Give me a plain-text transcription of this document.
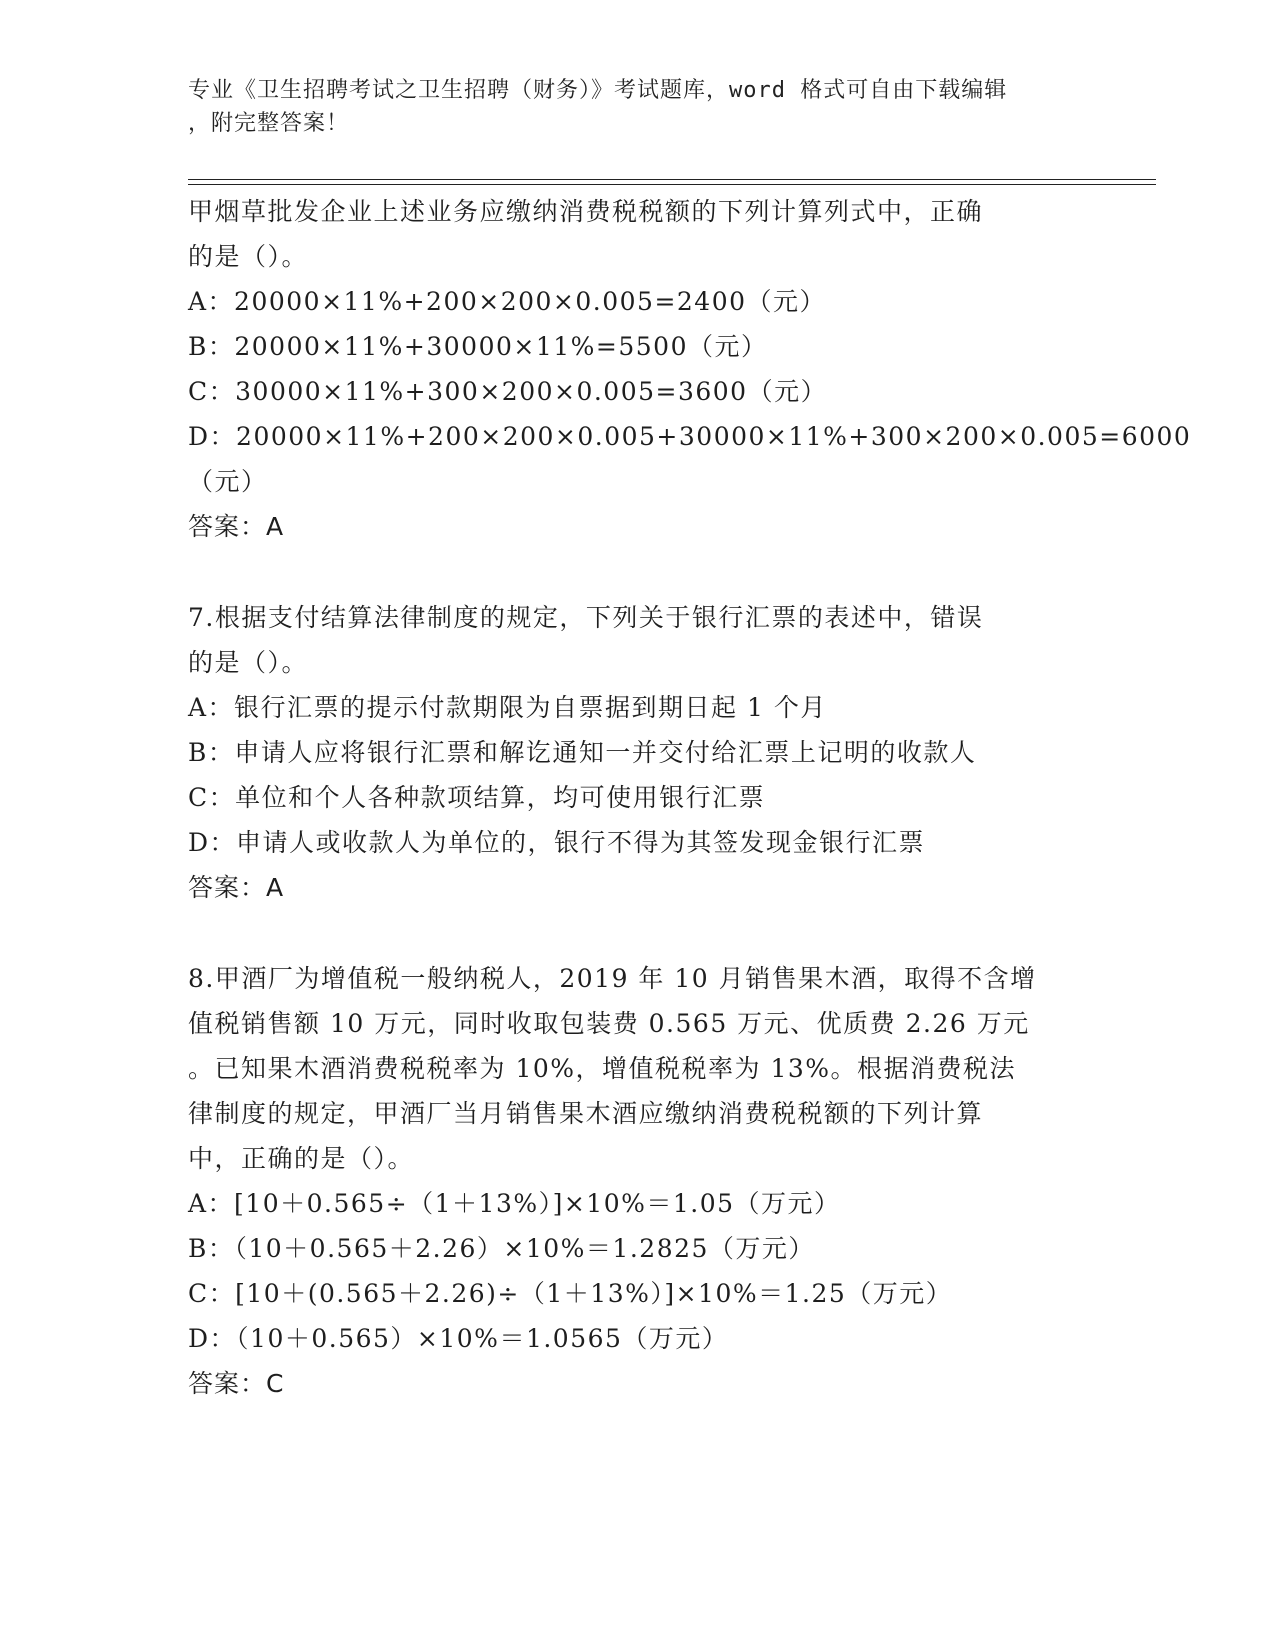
专业《卫生招聘考试之卫生招聘（财务）》考试题库，word 格式可自由下载编辑
，附完整答案！
甲烟草批发企业上述业务应缴纳消费税税额的下列计算列式中，正确
的是（）。
A：20000×11%+200×200×0.005=2400（元）
B：20000×11%+30000×11%=5500（元）
C：30000×11%+300×200×0.005=3600（元）
D：20000×11%+200×200×0.005+30000×11%+300×200×0.005=6000
（元）
答案：A
7.根据支付结算法律制度的规定，下列关于银行汇票的表述中，错误
的是（）。
A：银行汇票的提示付款期限为自票据到期日起 1 个月
B：申请人应将银行汇票和解讫通知一并交付给汇票上记明的收款人
C：单位和个人各种款项结算，均可使用银行汇票
D：申请人或收款人为单位的，银行不得为其签发现金银行汇票
答案：A
8.甲酒厂为增值税一般纳税人，2019 年 10 月销售果木酒，取得不含增
值税销售额 10 万元，同时收取包装费 0.565 万元、优质费 2.26 万元
。已知果木酒消费税税率为 10%，增值税税率为 13%。根据消费税法
律制度的规定，甲酒厂当月销售果木酒应缴纳消费税税额的下列计算
中，正确的是（）。
A：[10＋0.565÷（1＋13%）]×10%＝1.05（万元）
B：（10＋0.565＋2.26）×10%＝1.2825（万元）
C：[10＋(0.565＋2.26)÷（1＋13%）]×10%＝1.25（万元）
D：（10＋0.565）×10%＝1.0565（万元）
答案：C
